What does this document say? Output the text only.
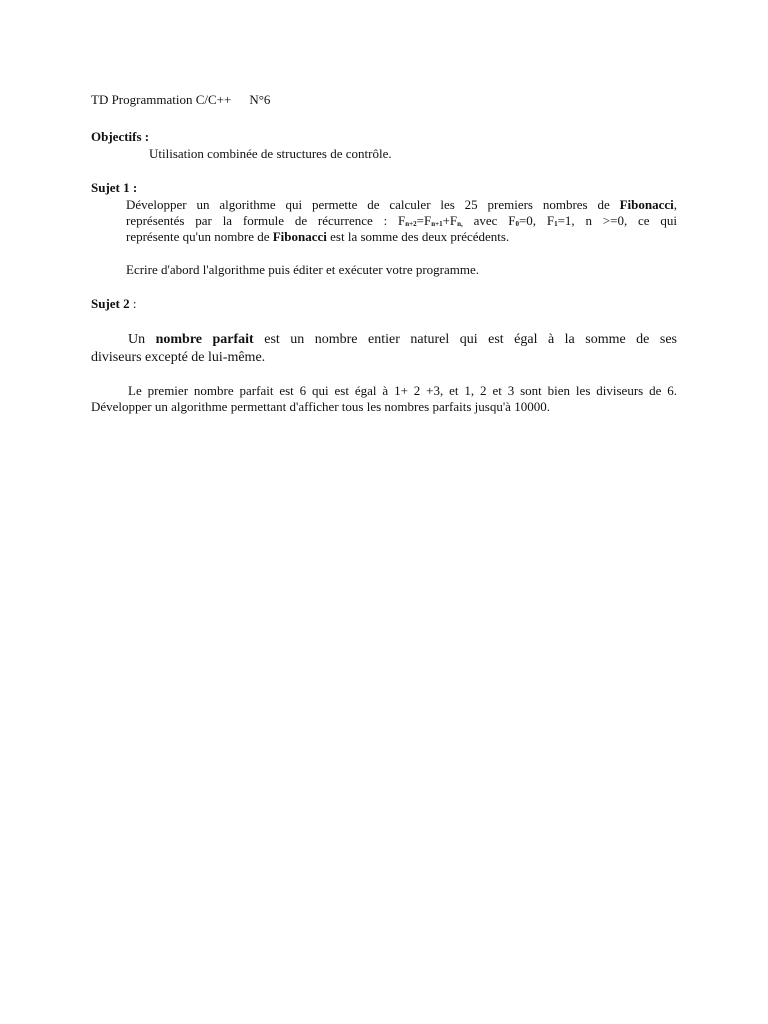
TD Programmation C/C++ N°6
Objectifs :
Utilisation combinée de structures de contrôle.
Sujet 1 :
Développer un algorithme qui permette de calculer les 25 premiers nombres de Fibonacci,
représentés par la formule de récurrence : $F_{n+2}=F_{n+1}+F_{n,}$ avec $F_0=0$, $F_1=1$, n >=0, ce qui
représente qu'un nombre de Fibonacci est la somme des deux précédents.
Ecrire d'abord l'algorithme puis éditer et exécuter votre programme.
Sujet 2 :
Un nombre parfait est un nombre entier naturel qui est égal à la somme de ses
diviseurs excepté de lui-même.
Le premier nombre parfait est 6 qui est égal à 1+ 2 +3, et 1, 2 et 3 sont bien les diviseurs de 6.
Développer un algorithme permettant d'afficher tous les nombres parfaits jusqu'à 10000.
